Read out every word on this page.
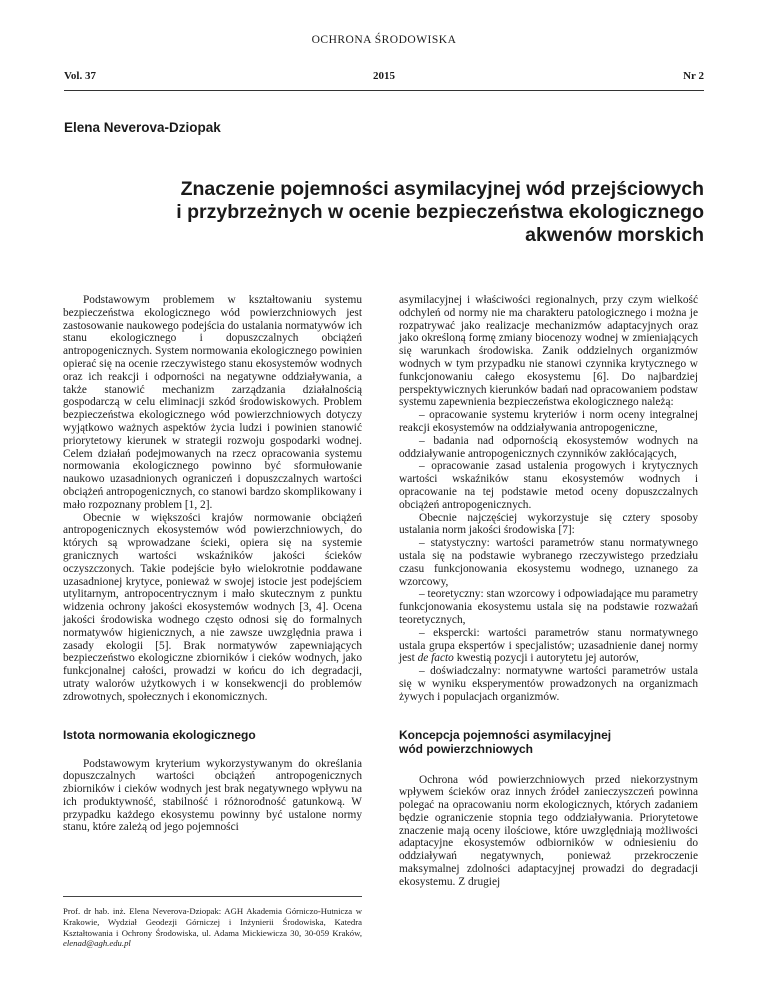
OCHRONA ŚRODOWISKA
Vol. 37	2015	Nr 2
Elena Neverova-Dziopak
Znaczenie pojemności asymilacyjnej wód przejściowych
i przybrzeżnych w ocenie bezpieczeństwa ekologicznego
akwenów morskich

Podstawowym problemem w kształtowaniu systemu bezpieczeństwa ekologicznego wód powierzchniowych jest zastosowanie naukowego podejścia do ustalania normatywów ich stanu ekologicznego i dopuszczalnych obciążeń antropogenicznych. System normowania ekologicznego powinien opierać się na ocenie rzeczywistego stanu ekosystemów wodnych oraz ich reakcji i odporności na negatywne oddziaływania, a także stanowić mechanizm zarządzania działalnością gospodarczą w celu eliminacji szkód środowiskowych. Problem bezpieczeństwa ekologicznego wód powierzchniowych dotyczy wyjątkowo ważnych aspektów życia ludzi i powinien stanowić priorytetowy kierunek w strategii rozwoju gospodarki wodnej. Celem działań podejmowanych na rzecz opracowania systemu normowania ekologicznego powinno być sformułowanie naukowo uzasadnionych ograniczeń i dopuszczalnych wartości obciążeń antropogenicznych, co stanowi bardzo skomplikowany i mało rozpoznany problem [1, 2].

Obecnie w większości krajów normowanie obciążeń antropogenicznych ekosystemów wód powierzchniowych, do których są wprowadzane ścieki, opiera się na systemie granicznych wartości wskaźników jakości ścieków oczyszczonych. Takie podejście było wielokrotnie poddawane uzasadnionej krytyce, ponieważ w swojej istocie jest podejściem utylitarnym, antropocentrycznym i mało skutecznym z punktu widzenia ochrony jakości ekosystemów wodnych [3, 4]. Ocena jakości środowiska wodnego często odnosi się do formalnych normatywów higienicznych, a nie zawsze uwzględnia prawa i zasady ekologii [5]. Brak normatywów zapewniających bezpieczeństwo ekologiczne zbiorników i cieków wodnych, jako funkcjonalnej całości, prowadzi w końcu do ich degradacji, utraty walorów użytkowych i w konsekwencji do problemów zdrowotnych, społecznych i ekonomicznych.

Istota normowania ekologicznego

Podstawowym kryterium wykorzystywanym do określania dopuszczalnych wartości obciążeń antropogenicznych zbiorników i cieków wodnych jest brak negatywnego wpływu na ich produktywność, stabilność i różnorodność gatunkową. W przypadku każdego ekosystemu powinny być ustalone normy stanu, które zależą od jego pojemności

Prof. dr hab. inż. Elena Neverova-Dziopak: AGH Akademia Górniczo-Hutnicza w Krakowie, Wydział Geodezji Górniczej i Inżynierii Środowiska, Katedra Kształtowania i Ochrony Środowiska, ul. Adama Mickiewicza 30, 30-059 Kraków, elenad@agh.edu.pl

asymilacyjnej i właściwości regionalnych, przy czym wielkość odchyleń od normy nie ma charakteru patologicznego i można je rozpatrywać jako realizacje mechanizmów adaptacyjnych oraz jako określoną formę zmiany biocenozy wodnej w zmieniających się warunkach środowiska. Zanik oddzielnych organizmów wodnych w tym przypadku nie stanowi czynnika krytycznego w funkcjonowaniu całego ekosystemu [6]. Do najbardziej perspektywicznych kierunków badań nad opracowaniem podstaw systemu zapewnienia bezpieczeństwa ekologicznego należą:

– opracowanie systemu kryteriów i norm oceny integralnej reakcji ekosystemów na oddziaływania antropogeniczne,

– badania nad odpornością ekosystemów wodnych na oddziaływanie antropogenicznych czynników zakłócających,

– opracowanie zasad ustalenia progowych i krytycznych wartości wskaźników stanu ekosystemów wodnych i opracowanie na tej podstawie metod oceny dopuszczalnych obciążeń antropogenicznych.

Obecnie najczęściej wykorzystuje się cztery sposoby ustalania norm jakości środowiska [7]:

– statystyczny: wartości parametrów stanu normatywnego ustala się na podstawie wybranego rzeczywistego przedziału czasu funkcjonowania ekosystemu wodnego, uznanego za wzorcowy,

– teoretyczny: stan wzorcowy i odpowiadające mu parametry funkcjonowania ekosystemu ustala się na podstawie rozważań teoretycznych,

– ekspercki: wartości parametrów stanu normatywnego ustala grupa ekspertów i specjalistów; uzasadnienie danej normy jest de facto kwestią pozycji i autorytetu jej autorów,

– doświadczalny: normatywne wartości parametrów ustala się w wyniku eksperymentów prowadzonych na organizmach żywych i populacjach organizmów.

Koncepcja pojemności asymilacyjnej
wód powierzchniowych

Ochrona wód powierzchniowych przed niekorzystnym wpływem ścieków oraz innych źródeł zanieczyszczeń powinna polegać na opracowaniu norm ekologicznych, których zadaniem będzie ograniczenie stopnia tego oddziaływania. Priorytetowe znaczenie mają oceny ilościowe, które uwzględniają możliwości adaptacyjne ekosystemów odbiorników w odniesieniu do oddziaływań negatywnych, ponieważ przekroczenie maksymalnej zdolności adaptacyjnej prowadzi do degradacji ekosystemu. Z drugiej
